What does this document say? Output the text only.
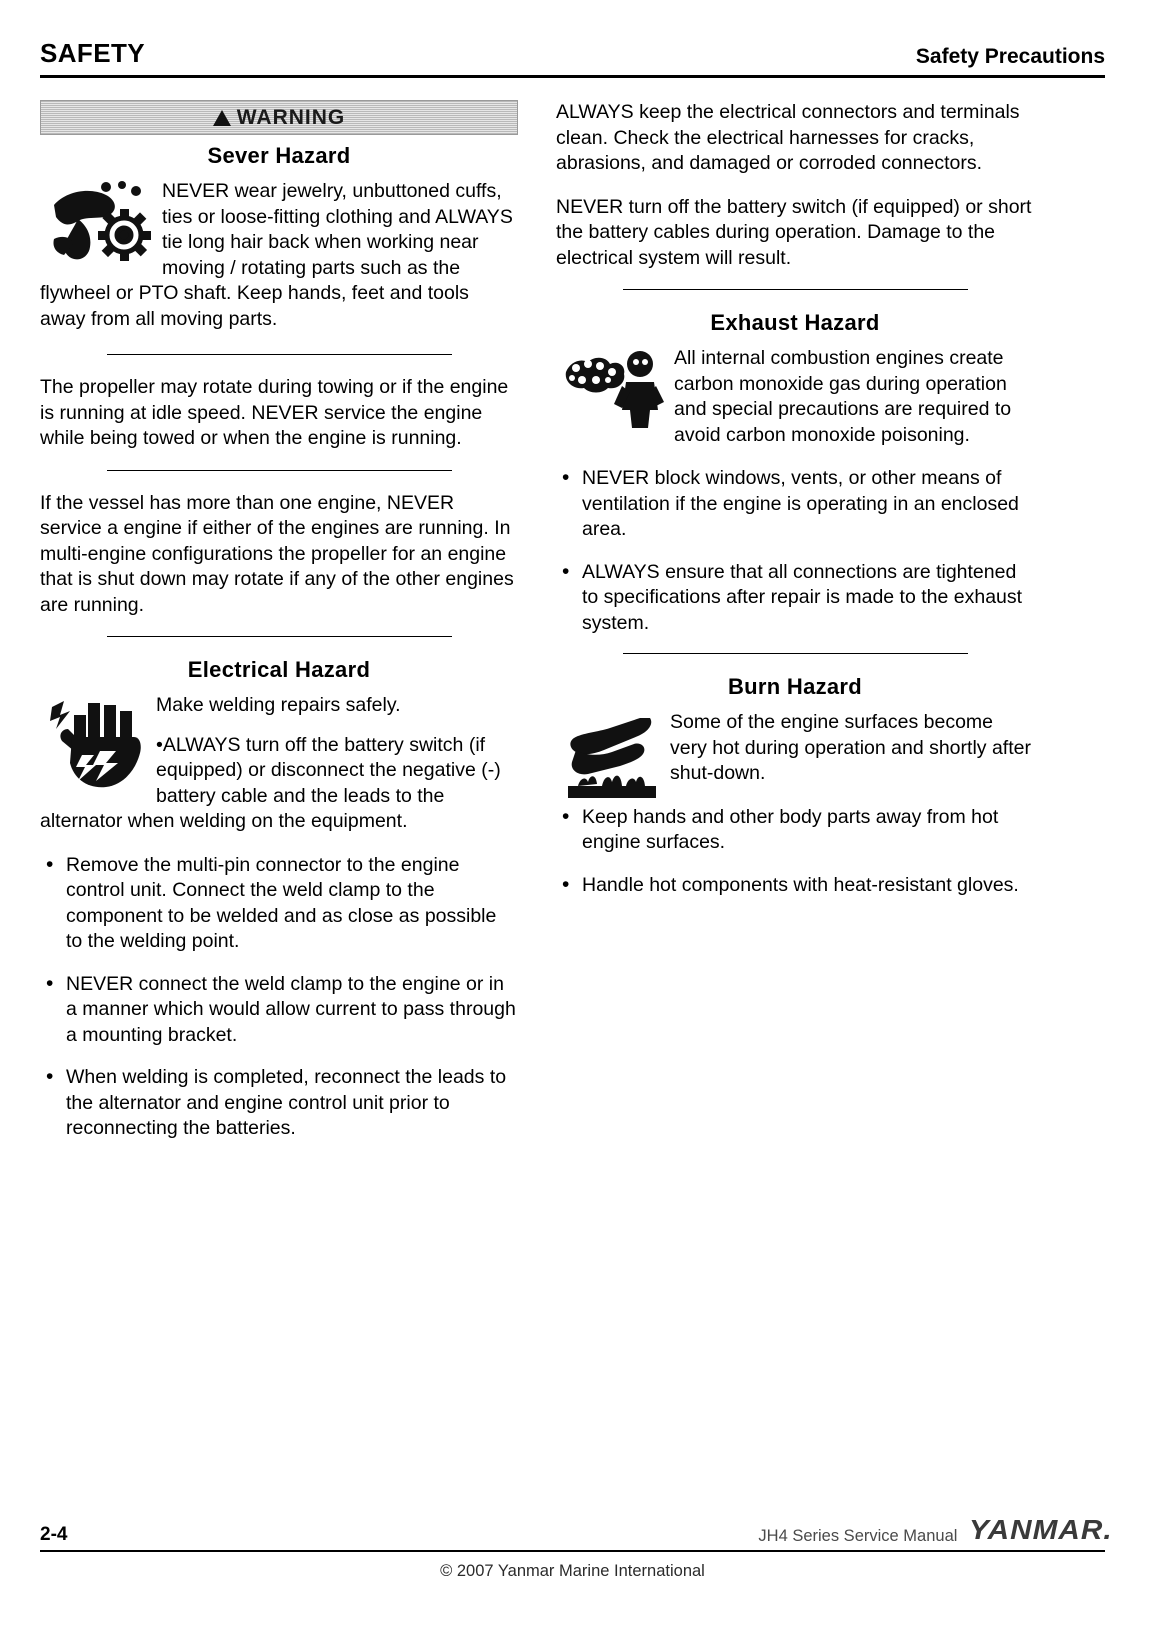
SAFETY	Safety Precautions
WARNING
Sever Hazard

NEVER wear jewelry, unbuttoned cuffs, ties or loose-fitting clothing and ALWAYS tie long hair back when working near moving / rotating parts such as the flywheel or PTO shaft. Keep hands, feet and tools away from all moving parts.

The propeller may rotate during towing or if the engine is running at idle speed. NEVER service the engine while being towed or when the engine is running.

If the vessel has more than one engine, NEVER service a engine if either of the engines are running. In multi-engine configurations the propeller for an engine that is shut down may rotate if any of the other engines are running.

Electrical Hazard

Make welding repairs safely.

•ALWAYS turn off the battery switch (if equipped) or disconnect the negative (-) battery cable and the leads to the alternator when welding on the equipment.

• Remove the multi-pin connector to the engine control unit. Connect the weld clamp to the component to be welded and as close as possible to the welding point.
• NEVER connect the weld clamp to the engine or in a manner which would allow current to pass through a mounting bracket.
• When welding is completed, reconnect the leads to the alternator and engine control unit prior to reconnecting the batteries.

ALWAYS keep the electrical connectors and terminals clean. Check the electrical harnesses for cracks, abrasions, and damaged or corroded connectors.

NEVER turn off the battery switch (if equipped) or short the battery cables during operation. Damage to the electrical system will result.

Exhaust Hazard

All internal combustion engines create carbon monoxide gas during operation and special precautions are required to avoid carbon monoxide poisoning.

• NEVER block windows, vents, or other means of ventilation if the engine is operating in an enclosed area.
• ALWAYS ensure that all connections are tightened to specifications after repair is made to the exhaust system.
Burn Hazard

Some of the engine surfaces become very hot during operation and shortly after shut-down.

• Keep hands and other body parts away from hot engine surfaces.
• Handle hot components with heat-resistant gloves.
2-4	JH4 Series Service Manual YANMAR.
© 2007 Yanmar Marine International
